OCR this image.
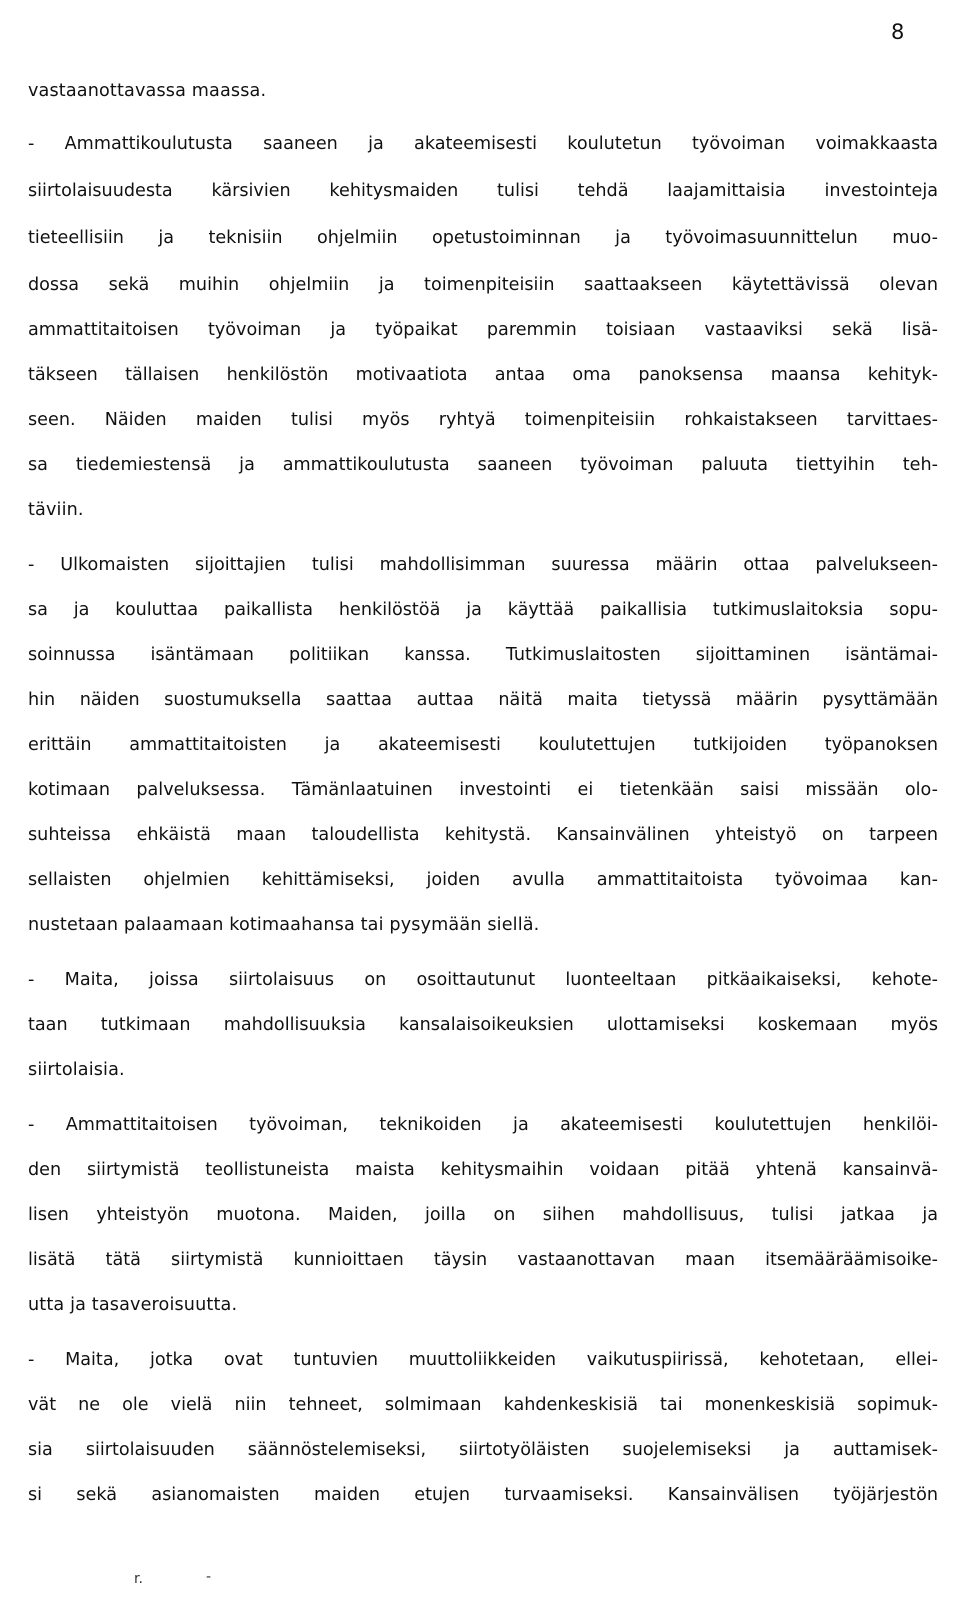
8
vastaanottavassa maassa.
- Ammattikoulutusta saaneen ja akateemisesti koulutetun työvoiman voimakkaasta
siirtolaisuudesta kärsivien kehitysmaiden tulisi tehdä laajamittaisia investointeja
tieteellisiin ja teknisiin ohjelmiin opetustoiminnan ja työvoimasuunnittelun muo-
dossa sekä muihin ohjelmiin ja toimenpiteisiin saattaakseen käytettävissä olevan
ammattitaitoisen työvoiman ja työpaikat paremmin toisiaan vastaaviksi sekä lisä-
täkseen tällaisen henkilöstön motivaatiota antaa oma panoksensa maansa kehityk-
seen. Näiden maiden tulisi myös ryhtyä toimenpiteisiin rohkaistakseen tarvittaes-
sa tiedemiestensä ja ammattikoulutusta saaneen työvoiman paluuta tiettyihin teh-
täviin.
- Ulkomaisten sijoittajien tulisi mahdollisimman suuressa määrin ottaa palvelukseen-
sa ja kouluttaa paikallista henkilöstöä ja käyttää paikallisia tutkimuslaitoksia sopu-
soinnussa isäntämaan politiikan kanssa. Tutkimuslaitosten sijoittaminen isäntämai-
hin näiden suostumuksella saattaa auttaa näitä maita tietyssä määrin pysyttämään
erittäin ammattitaitoisten ja akateemisesti koulutettujen tutkijoiden työpanoksen
kotimaan palveluksessa. Tämänlaatuinen investointi ei tietenkään saisi missään olo-
suhteissa ehkäistä maan taloudellista kehitystä. Kansainvälinen yhteistyö on tarpeen
sellaisten ohjelmien kehittämiseksi, joiden avulla ammattitaitoista työvoimaa kan-
nustetaan palaamaan kotimaahansa tai pysymään siellä.
- Maita, joissa siirtolaisuus on osoittautunut luonteeltaan pitkäaikaiseksi, kehote-
taan tutkimaan mahdollisuuksia kansalaisoikeuksien ulottamiseksi koskemaan myös
siirtolaisia.
- Ammattitaitoisen työvoiman, teknikoiden ja akateemisesti koulutettujen henkilöi-
den siirtymistä teollistuneista maista kehitysmaihin voidaan pitää yhtenä kansainvä-
lisen yhteistyön muotona. Maiden, joilla on siihen mahdollisuus, tulisi jatkaa ja
lisätä tätä siirtymistä kunnioittaen täysin vastaanottavan maan itsemääräämisoike-
utta ja tasaveroisuutta.
- Maita, jotka ovat tuntuvien muuttoliikkeiden vaikutuspiirissä, kehotetaan, ellei-
vät ne ole vielä niin tehneet, solmimaan kahdenkeskisiä tai monenkeskisiä sopimuk-
sia siirtolaisuuden säännöstelemiseksi, siirtotyöläisten suojelemiseksi ja auttamisek-
si sekä asianomaisten maiden etujen turvaamiseksi. Kansainvälisen työjärjestön
r.	-
